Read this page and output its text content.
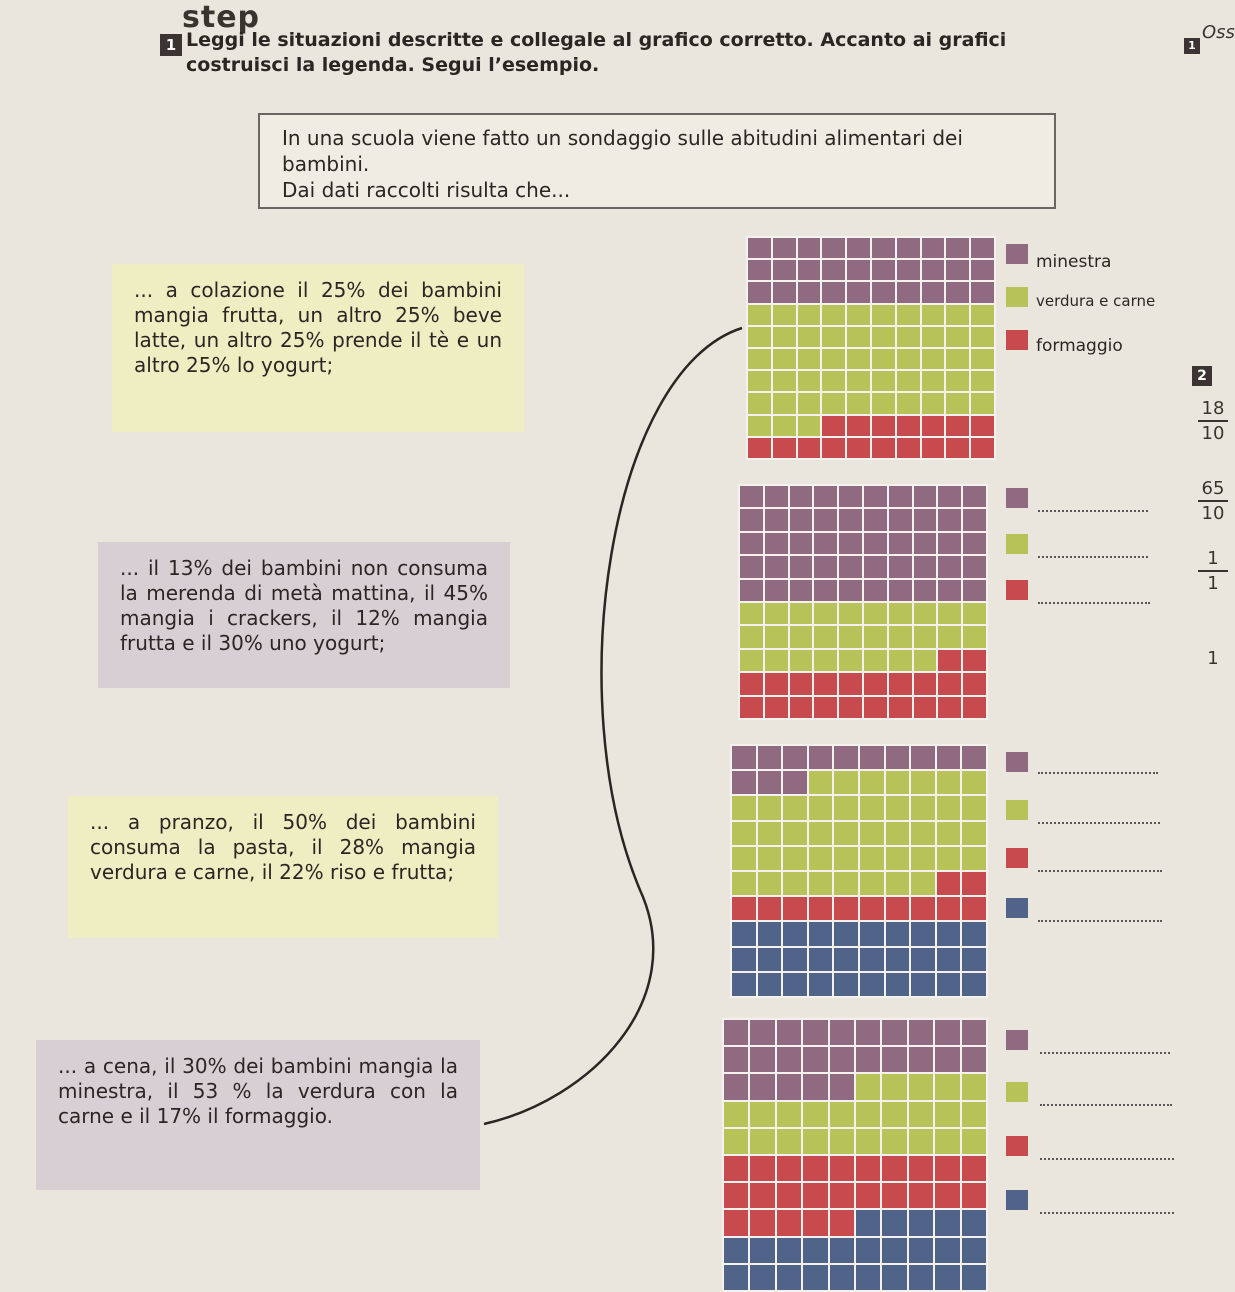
step
1 Leggi le situazioni descritte e collegale al grafico corretto. Accanto ai grafici costruisci la legenda. Segui l’esempio.
In una scuola viene fatto un sondaggio sulle abitudini alimentari dei bambini.
Dai dati raccolti risulta che...
... a colazione il 25% dei bambini mangia frutta, un altro 25% beve latte, un altro 25% prende il tè e un altro 25% lo yogurt;
... il 13% dei bambini non consuma la merenda di metà mattina, il 45% mangia i crackers, il 12% mangia frutta e il 30% uno yogurt;
... a pranzo, il 50% dei bambini consuma la pasta, il 28% mangia verdura e carne, il 22% riso e frutta;
... a cena, il 30% dei bambini mangia la minestra, il 53 % la verdura con la carne e il 17% il formaggio.
minestra
verdura e carne
formaggio
1
Oss
2
18
10
65
10
1
1
1
